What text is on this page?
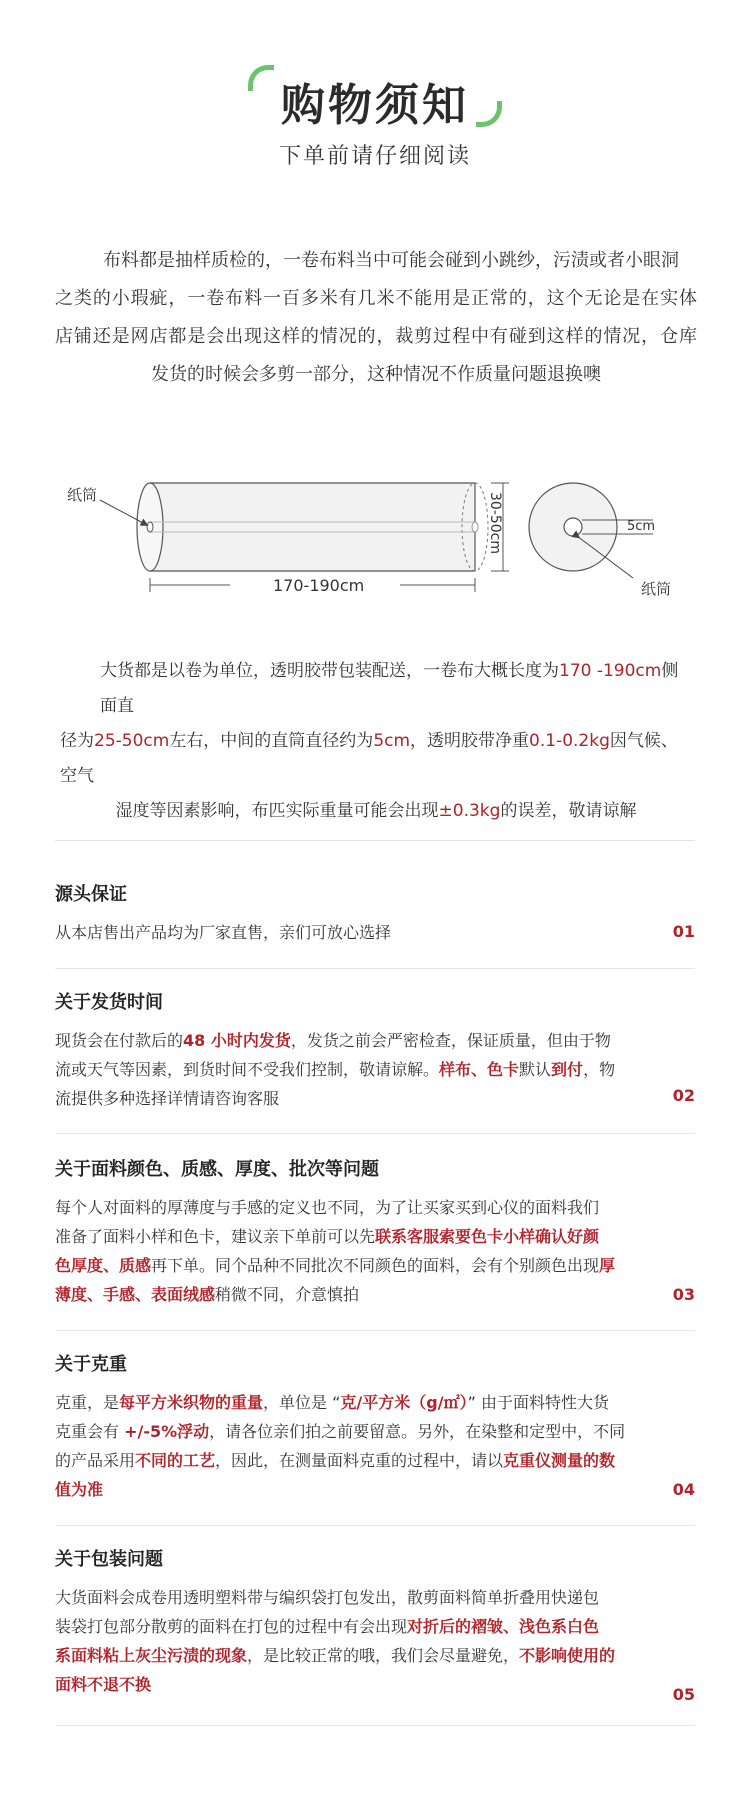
购物须知
下单前请仔细阅读
布料都是抽样质检的，一卷布料当中可能会碰到小跳纱，污渍或者小眼洞
之类的小瑕疵，一卷布料一百多米有几米不能用是正常的，这个无论是在实体
店铺还是网店都是会出现这样的情况的，裁剪过程中有碰到这样的情况，仓库
发货的时候会多剪一部分，这种情况不作质量问题退换噢
纸筒
170-190cm
30-50cm	5cm
纸筒
大货都是以卷为单位，透明胶带包装配送，一卷布大概长度为170 -190cm侧面直
径为25-50cm左右，中间的直筒直径约为5cm，透明胶带净重0.1-0.2kg因气候、空气
湿度等因素影响，布匹实际重量可能会出现±0.3kg的误差，敬请谅解
源头保证
从本店售出产品均为厂家直售，亲们可放心选择	01
关于发货时间
现货会在付款后的48 小时内发货，发货之前会严密检查，保证质量，但由于物
流或天气等因素，到货时间不受我们控制，敬请谅解。样布、色卡默认到付，物
流提供多种选择详情请咨询客服	02
关于面料颜色、质感、厚度、批次等问题
每个人对面料的厚薄度与手感的定义也不同，为了让买家买到心仪的面料我们
准备了面料小样和色卡，建议亲下单前可以先联系客服索要色卡小样确认好颜
色厚度、质感再下单。同个品种不同批次不同颜色的面料，会有个别颜色出现厚
薄度、手感、表面绒感稍微不同，介意慎拍	03
关于克重
克重，是每平方米织物的重量，单位是 “克/平方米（g/㎡）” 由于面料特性大货
克重会有 +/-5%浮动，请各位亲们拍之前要留意。另外，在染整和定型中，不同
的产品采用不同的工艺，因此，在测量面料克重的过程中，请以克重仪测量的数
值为准	04
关于包装问题
大货面料会成卷用透明塑料带与编织袋打包发出，散剪面料简单折叠用快递包
装袋打包部分散剪的面料在打包的过程中有会出现对折后的褶皱、浅色系白色
系面料粘上灰尘污渍的现象，是比较正常的哦，我们会尽量避免，不影响使用的
面料不退不换
05
